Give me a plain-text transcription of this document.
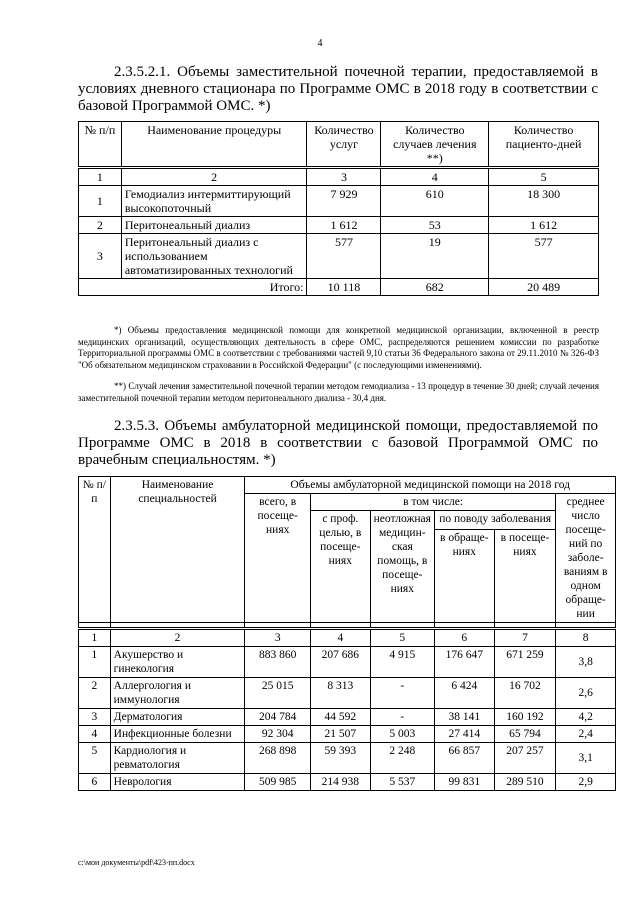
4
2.3.5.2.1. Объемы заместительной почечной терапии, предоставляемой в условиях дневного стационара по Программе ОМС в 2018 году в соответствии с базовой Программой ОМС. *)
№ п/п	Наименование процедуры	Количество услуг	Количество случаев лечения **)	Количество пациенто-дней
1	2	3	4	5
1	Гемодиализ интермиттирующий высокопоточный	7 929	610	18 300
2	Перитонеальный диализ	1 612	53	1 612
3	Перитонеальный диализ с использованием автоматизированных технологий	577	19	577
Итого:		10 118	682	20 489
*) Объемы предоставления медицинской помощи для конкретной медицинской организации, включенной в реестр медицинских организаций, осуществляющих деятельность в сфере ОМС, распределяются решением комиссии по разработке Территориальной программы ОМС в соответствии с требованиями частей 9,10 статьи 36 Федерального закона от 29.11.2010 № 326-ФЗ "Об обязательном медицинском страховании в Российской Федерации" (с последующими изменениями).
**) Случай лечения заместительной почечной терапии методом гемодиализа - 13 процедур в течение 30 дней; случай лечения заместительной почечной терапии методом перитонеального диализа - 30,4 дня.
2.3.5.3. Объемы амбулаторной медицинской помощи, предоставляемой по Программе ОМС в 2018 в соответствии с базовой Программой ОМС по врачебным специальностям. *)
№ п/п	Наименование специальностей	Объемы амбулаторной медицинской помощи на 2018 год					
		всего, в посеще-ниях	в том числе:				среднее число посеще-ний по заболе-ваниям в одном обраще-нии
			с проф. целью, в посеще-ниях	неотложная медицин-ская помощь, в посеще-ниях	по поводу заболевания		
					в обраще-ниях	в посеще-ниях	

1	2	3	4	5	6	7	8
1	Акушерство и гинекология	883 860	207 686	4 915	176 647	671 259	3,8
2	Аллергология и иммунология	25 015	8 313	-	6 424	16 702	2,6
3	Дерматология	204 784	44 592	-	38 141	160 192	4,2
4	Инфекционные болезни	92 304	21 507	5 003	27 414	65 794	2,4
5	Кардиология и ревматология	268 898	59 393	2 248	66 857	207 257	3,1
6	Неврология	509 985	214 938	5 537	99 831	289 510	2,9
c:\мои документы\pdf\423-пп.docx
